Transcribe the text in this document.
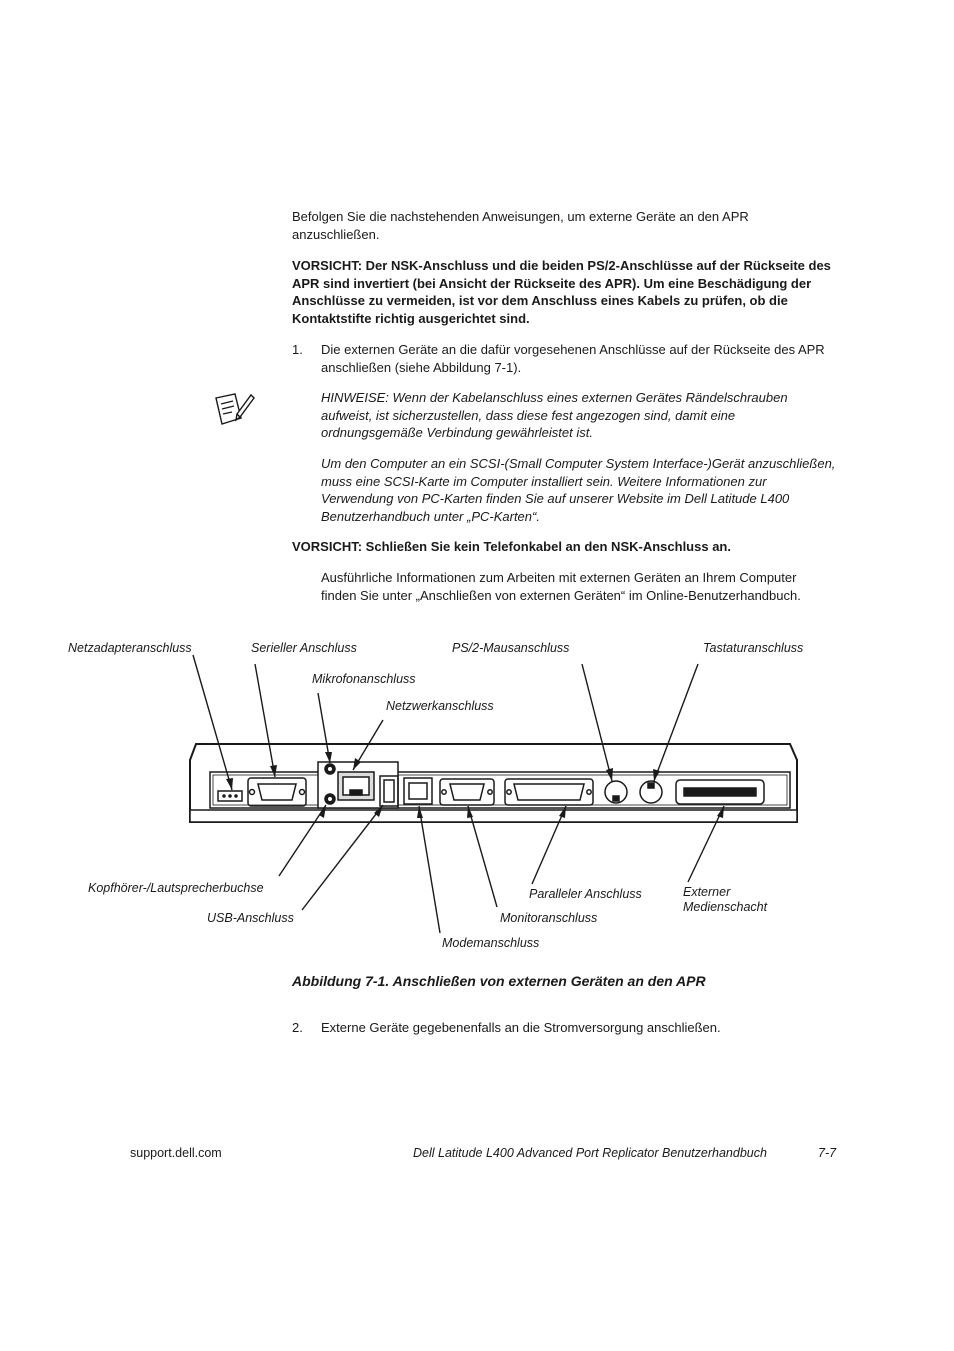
Befolgen Sie die nachstehenden Anweisungen, um externe Geräte an den APR anzuschließen.

VORSICHT: Der NSK-Anschluss und die beiden PS/2-Anschlüsse auf der Rückseite des APR sind invertiert (bei Ansicht der Rückseite des APR). Um eine Beschädigung der Anschlüsse zu vermeiden, ist vor dem Anschluss eines Kabels zu prüfen, ob die Kontaktstifte richtig ausgerichtet sind.

1. Die externen Geräte an die dafür vorgesehenen Anschlüsse auf der Rückseite des APR anschließen (siehe Abbildung 7-1).

HINWEISE: Wenn der Kabelanschluss eines externen Gerätes Rändelschrauben aufweist, ist sicherzustellen, dass diese fest angezogen sind, damit eine ordnungsgemäße Verbindung gewährleistet ist.

Um den Computer an ein SCSI-(Small Computer System Interface-)Gerät anzuschließen, muss eine SCSI-Karte im Computer installiert sein. Weitere Informationen zur Verwendung von PC-Karten finden Sie auf unserer Website im Dell Latitude L400 Benutzerhandbuch unter „PC-Karten“.

VORSICHT: Schließen Sie kein Telefonkabel an den NSK-Anschluss an.

Ausführliche Informationen zum Arbeiten mit externen Geräten an Ihrem Computer finden Sie unter „Anschließen von externen Geräten“ im Online-Benutzerhandbuch.

Netzadapteranschluss	Serieller Anschluss	PS/2-Mausanschluss	Tastaturanschluss
Mikrofonanschluss
Netzwerkanschluss
Kopfhörer-/Lautsprecherbuchse
USB-Anschluss
Paralleler Anschluss
Monitoranschluss
Modemanschluss
Externer
Medienschacht
Abbildung 7-1. Anschließen von externen Geräten an den APR
2. Externe Geräte gegebenenfalls an die Stromversorgung anschließen.

support.dell.com	Dell Latitude L400 Advanced Port Replicator Benutzerhandbuch	7-7
